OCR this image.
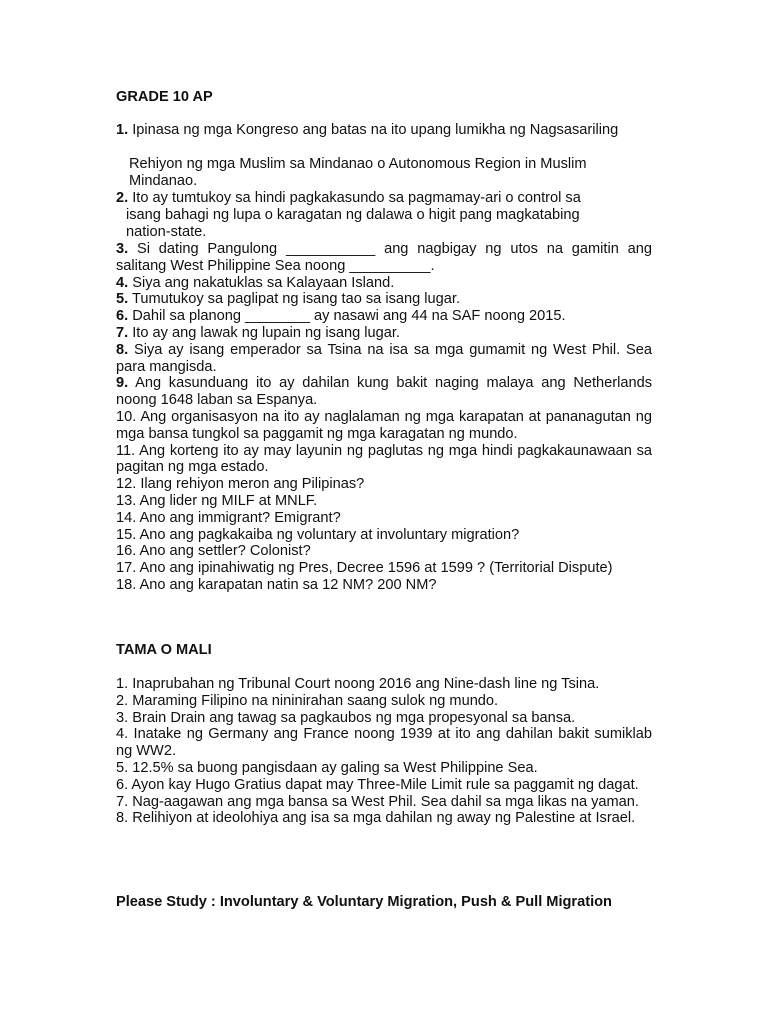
GRADE 10 AP

1. Ipinasa ng mga Kongreso ang batas na ito upang lumikha ng Nagsasariling

Rehiyon ng mga Muslim sa Mindanao o Autonomous Region in Muslim

Mindanao.

2. Ito ay tumtukoy sa hindi pagkakasundo sa pagmamay-ari o control sa

isang bahagi ng lupa o karagatan ng dalawa o higit pang magkatabing

nation-state.

3. Si dating Pangulong ___________ ang nagbigay ng utos na gamitin ang salitang West Philippine Sea noong __________.

4. Siya ang nakatuklas sa Kalayaan Island.

5. Tumutukoy sa paglipat ng isang tao sa isang lugar.

6. Dahil sa planong ________ ay nasawi ang 44 na SAF noong 2015.

7. Ito ay ang lawak ng lupain ng isang lugar.

8. Siya ay isang emperador sa Tsina na isa sa mga gumamit ng West Phil. Sea para mangisda.

9. Ang kasunduang ito ay dahilan kung bakit naging malaya ang Netherlands noong 1648 laban sa Espanya.

10. Ang organisasyon na ito ay naglalaman ng mga karapatan at pananagutan ng mga bansa tungkol sa paggamit ng mga karagatan ng mundo.

11. Ang korteng ito ay may layunin ng paglutas ng mga hindi pagkakaunawaan sa pagitan ng mga estado.

12. Ilang rehiyon meron ang Pilipinas?

13. Ang lider ng MILF at MNLF.

14. Ano ang immigrant? Emigrant?

15. Ano ang pagkakaiba ng voluntary at involuntary migration?

16. Ano ang settler? Colonist?

17. Ano ang ipinahiwatig ng Pres, Decree 1596 at 1599 ? (Territorial Dispute)

18. Ano ang karapatan natin sa 12 NM? 200 NM?

TAMA O MALI

1. Inaprubahan ng Tribunal Court noong 2016 ang Nine-dash line ng Tsina.

2. Maraming Filipino na nininirahan saang sulok ng mundo.

3. Brain Drain ang tawag sa pagkaubos ng mga propesyonal sa bansa.

4. Inatake ng Germany ang France noong 1939 at ito ang dahilan bakit sumiklab ng WW2.

5. 12.5% sa buong pangisdaan ay galing sa West Philippine Sea.

6. Ayon kay Hugo Gratius dapat may Three-Mile Limit rule sa paggamit ng dagat.

7. Nag-aagawan ang mga bansa sa West Phil. Sea dahil sa mga likas na yaman.

8. Relihiyon at ideolohiya ang isa sa mga dahilan ng away ng Palestine at Israel.

Please Study : Involuntary & Voluntary Migration, Push & Pull Migration
